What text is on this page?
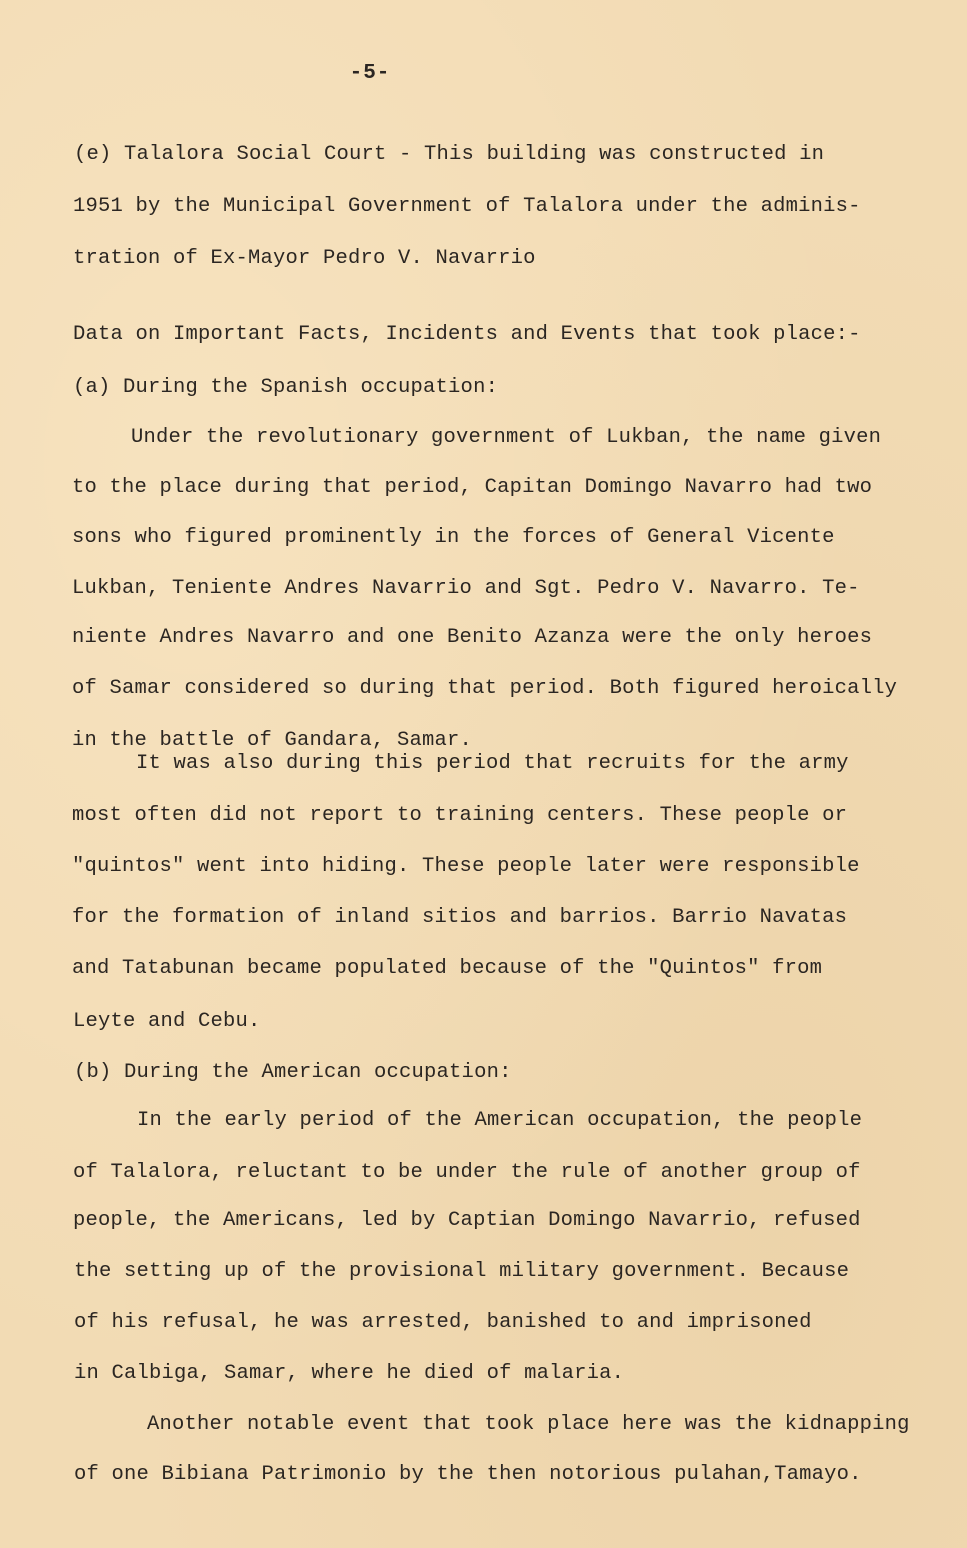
-5-
(e) Talalora Social Court - This building was constructed in
1951 by the Municipal Government of Talalora under the adminis-
tration of Ex-Mayor Pedro V. Navarrio
Data on Important Facts, Incidents and Events that took place:-
(a) During the Spanish occupation:
Under the revolutionary government of Lukban, the name given
to the place during that period, Capitan Domingo Navarro had two
sons who figured prominently in the forces of General Vicente
Lukban, Teniente Andres Navarrio and Sgt. Pedro V. Navarro. Te-
niente Andres Navarro and one Benito Azanza were the only heroes
of Samar considered so during that period. Both figured heroically
in the battle of Gandara, Samar.
It was also during this period that recruits for the army
most often did not report to training centers. These people or
"quintos" went into hiding. These people later were responsible
for the formation of inland sitios and barrios. Barrio Navatas
and Tatabunan became populated because of the "Quintos" from
Leyte and Cebu.
(b) During the American occupation:
In the early period of the American occupation, the people
of Talalora, reluctant to be under the rule of another group of
people, the Americans, led by Captian Domingo Navarrio, refused
the setting up of the provisional military government. Because
of his refusal, he was arrested, banished to and imprisoned
in Calbiga, Samar, where he died of malaria.
Another notable event that took place here was the kidnapping
of one Bibiana Patrimonio by the then notorious pulahan,Tamayo.
